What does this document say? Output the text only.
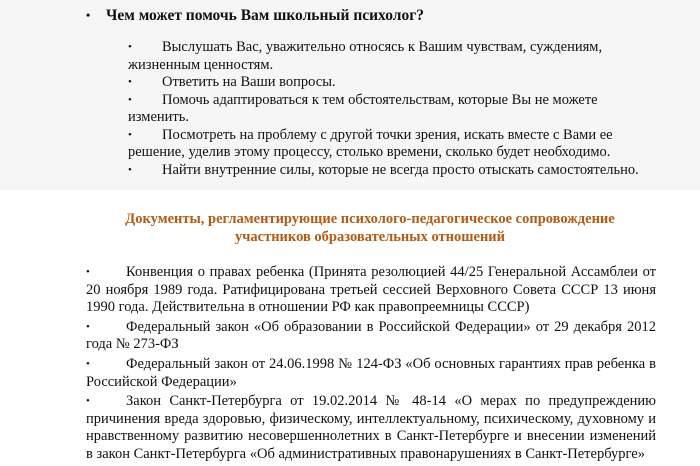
• Чем может помочь Вам школьный психолог?
• Выслушать Вас, уважительно относясь к Вашим чувствам, суждениям, жизненным ценностям.
• Ответить на Ваши вопросы.
• Помочь адаптироваться к тем обстоятельствам, которые Вы не можете изменить.
• Посмотреть на проблему с другой точки зрения, искать вместе с Вами ее решение, уделив этому процессу, столько времени, сколько будет необходимо.
• Найти внутренние силы, которые не всегда просто отыскать самостоятельно.
Документы, регламентирующие психолого-педагогическое сопровождение
участников образовательных отношений
• Конвенция о правах ребенка (Принята резолюцией 44/25 Генеральной Ассамблеи от 20 ноября 1989 года. Ратифицирована третьей сессией Верховного Совета СССР 13 июня 1990 года. Действительна в отношении РФ как правопреемницы СССР)
• Федеральный закон «Об образовании в Российской Федерации» от 29 декабря 2012 года № 273-ФЗ
• Федеральный закон от 24.06.1998 № 124-ФЗ «Об основных гарантиях прав ребенка в Российской Федерации»
• Закон Санкт-Петербурга от 19.02.2014 № 48-14 «О мерах по предупреждению причинения вреда здоровью, физическому, интеллектуальному, психическому, духовному и нравственному развитию несовершеннолетних в Санкт-Петербурге и внесении изменений в закон Санкт-Петербурга «Об административных правонарушениях в Санкт-Петербурге»
